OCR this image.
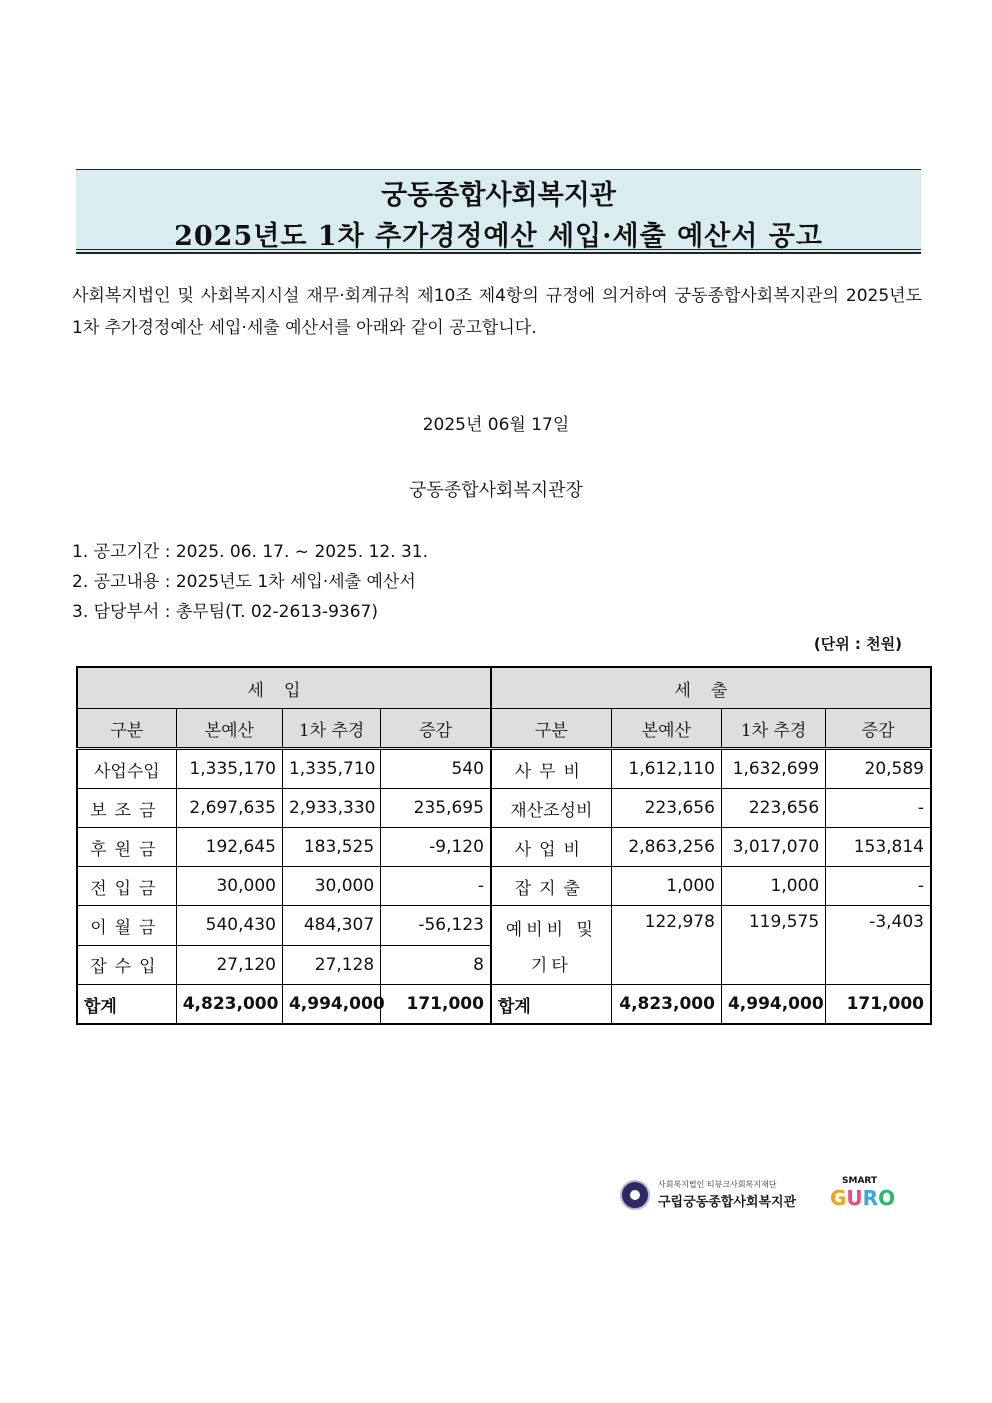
궁동종합사회복지관
2025년도 1차 추가경정예산 세입·세출 예산서 공고
사회복지법인 및 사회복지시설 재무·회계규칙 제10조 제4항의 규정에 의거하여 궁동종합사회복지관의 2025년도 1차 추가경정예산 세입·세출 예산서를 아래와 같이 공고합니다.
2025년 06월 17일
궁동종합사회복지관장
1. 공고기간 : 2025. 06. 17. ~ 2025. 12. 31.
2. 공고내용 : 2025년도 1차 세입·세출 예산서
3. 담당부서 : 총무팀(T. 02-2613-9367)
(단위 : 천원)
세입				세출			
구분	본예산	1차 추경	증감	구분	본예산	1차 추경	증감
사업수입	1,335,170	1,335,710	540	사무비	1,612,110	1,632,699	20,589
보조금	2,697,635	2,933,330	235,695	재산조성비	223,656	223,656	-
후원금	192,645	183,525	-9,120	사업비	2,863,256	3,017,070	153,814
전입금	30,000	30,000	-	잡지출	1,000	1,000	-
이월금	540,430	484,307	-56,123	예비비 및 기타	122,978	119,575	-3,403
잡수입	27,120	27,128	8				
합계	4,823,000	4,994,000	171,000	합계	4,823,000	4,994,000	171,000
사회복지법인 티뷰크사회복지재단
구립궁동종합사회복지관
SMART
GURO
